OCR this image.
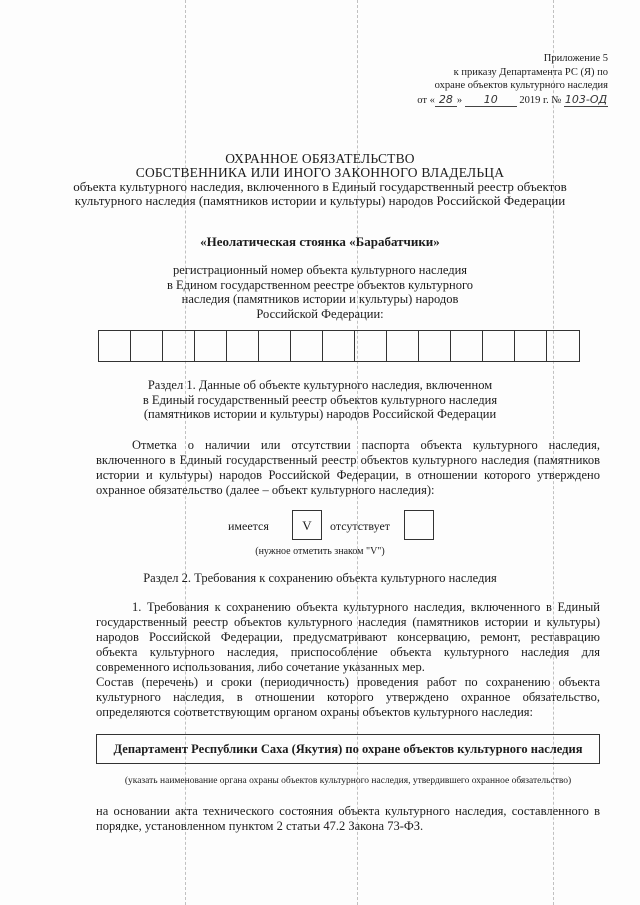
Приложение 5
к приказу Департамента РС (Я) по
охране объектов культурного наследия
от « 28 » 10 2019 г. № 103-ОД
ОХРАННОЕ ОБЯЗАТЕЛЬСТВО
СОБСТВЕННИКА ИЛИ ИНОГО ЗАКОННОГО ВЛАДЕЛЬЦА
объекта культурного наследия, включенного в Единый государственный реестр объектов
культурного наследия (памятников истории и культуры) народов Российской Федерации
«Неолатическая стоянка «Барабатчики»
регистрационный номер объекта культурного наследия
в Едином государственном реестре объектов культурного
наследия (памятников истории и культуры) народов
Российской Федерации:
Раздел 1. Данные об объекте культурного наследия, включенном
в Единый государственный реестр объектов культурного наследия
(памятников истории и культуры) народов Российской Федерации

Отметка о наличии или отсутствии паспорта объекта культурного наследия, включенного в Единый государственный реестр объектов культурного наследия (памятников истории и культуры) народов Российской Федерации, в отношении которого утверждено охранное обязательство (далее – объект культурного наследия):

имеется	V	отсутствует
(нужное отметить знаком "V")
Раздел 2. Требования к сохранению объекта культурного наследия

1. Требования к сохранению объекта культурного наследия, включенного в Единый государственный реестр объектов культурного наследия (памятников истории и культуры) народов Российской Федерации, предусматривают консервацию, ремонт, реставрацию объекта культурного наследия, приспособление объекта культурного наследия для современного использования, либо сочетание указанных мер.

Состав (перечень) и сроки (периодичность) проведения работ по сохранению объекта культурного наследия, в отношении которого утверждено охранное обязательство, определяются соответствующим органом охраны объектов культурного наследия:

Департамент Республики Саха (Якутия) по охране объектов культурного наследия
(указать наименование органа охраны объектов культурного наследия, утвердившего охранное обязательство)

на основании акта технического состояния объекта культурного наследия, составленного в порядке, установленном пунктом 2 статьи 47.2 Закона 73-ФЗ.
